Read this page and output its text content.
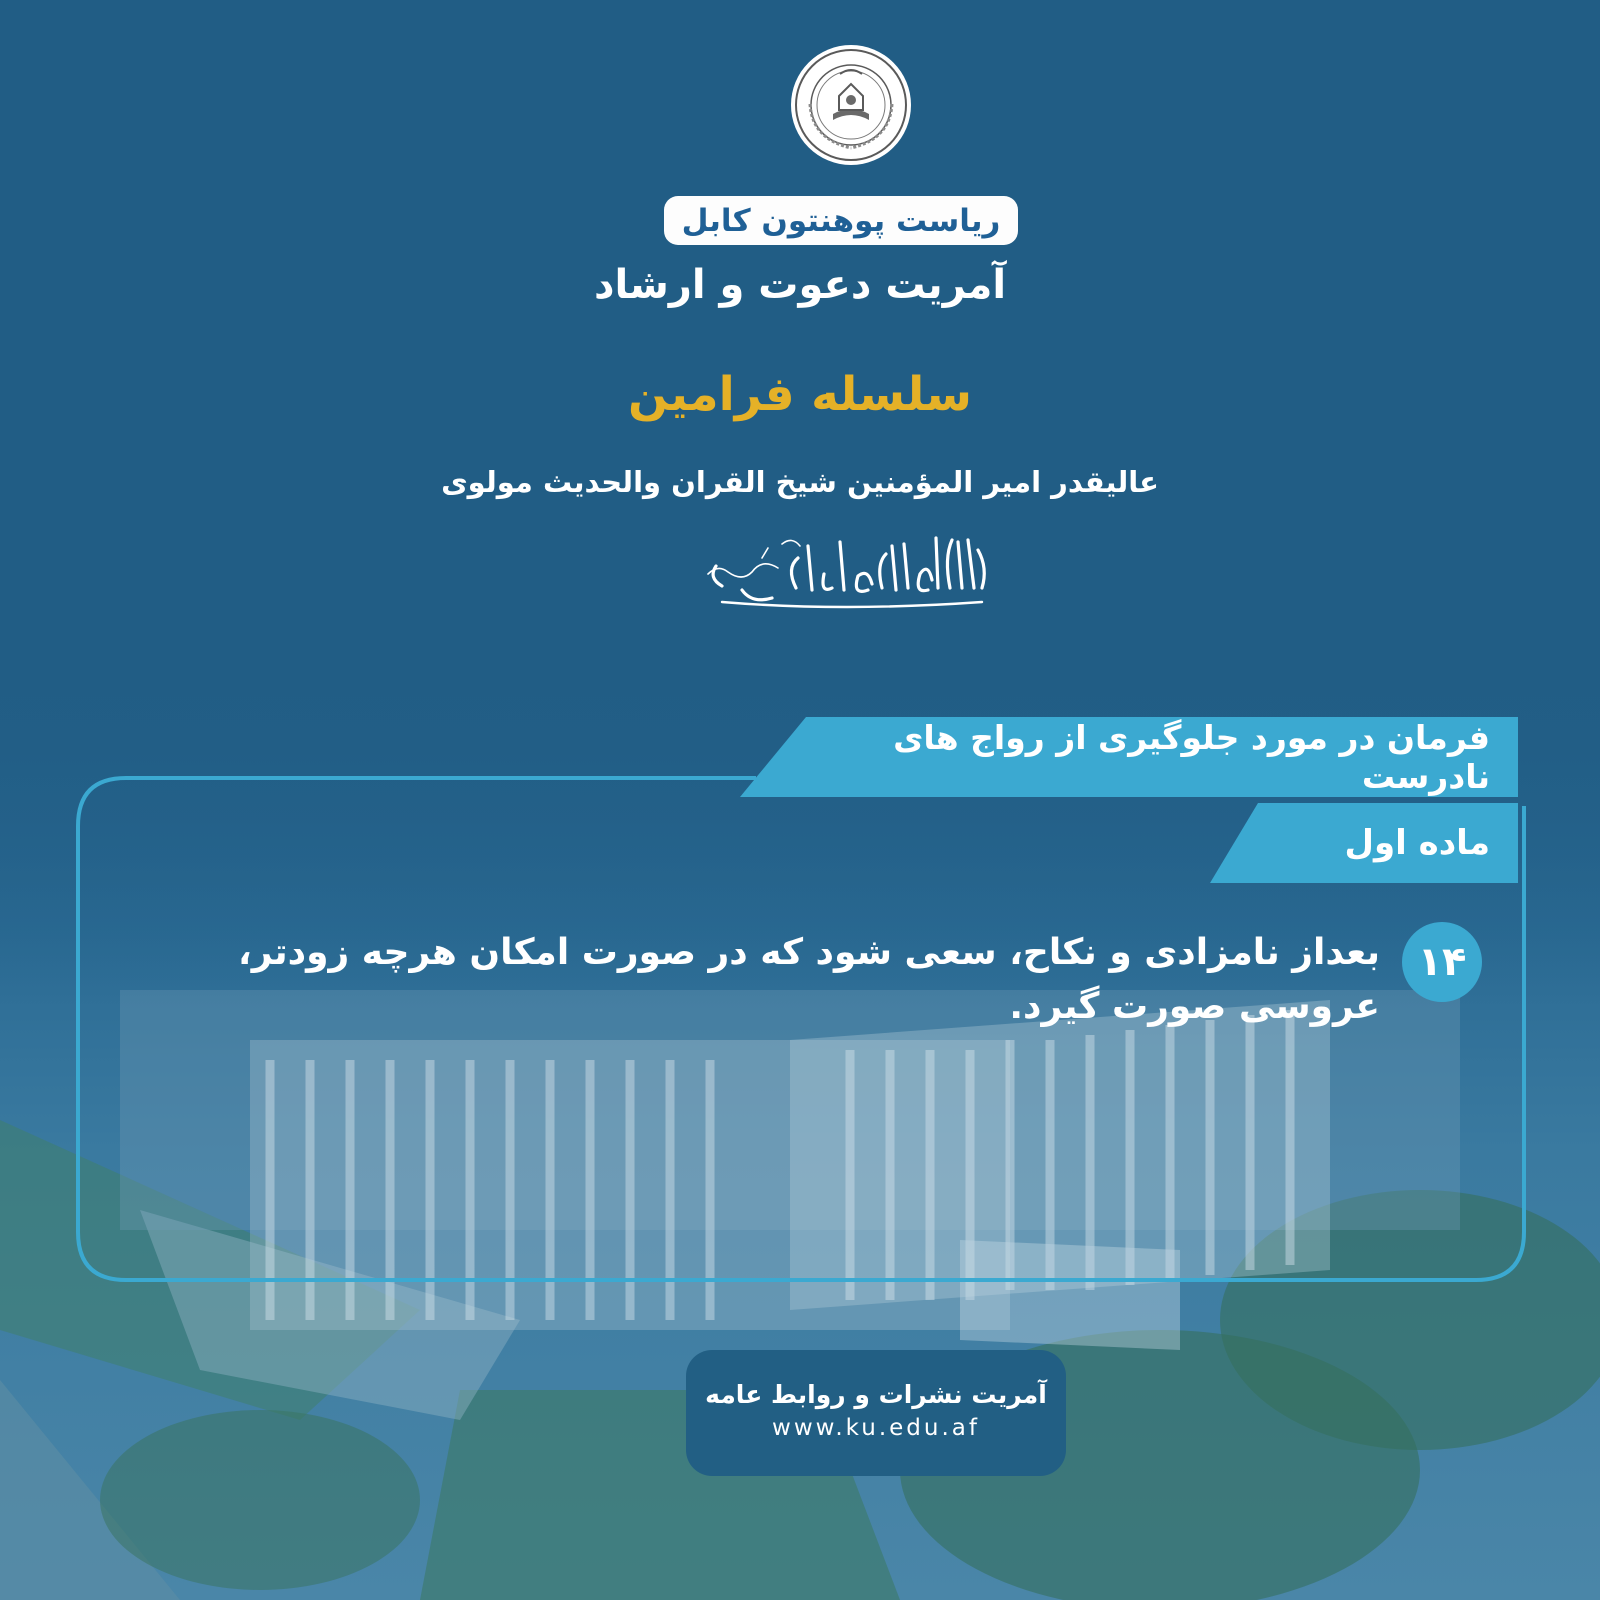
ریاست پوهنتون کابل
آمریت دعوت و ارشاد
سلسله فرامین
عالیقدر امیر المؤمنین شیخ القران والحدیث مولوی
فرمان در مورد جلوگیری از رواج های نادرست
ماده اول
۱۴
بعداز نامزادی و نکاح، سعی شود که در صورت امکان هرچه زودتر، عروسی صورت گیرد.
آمریت نشرات و روابط عامه
www.ku.edu.af
